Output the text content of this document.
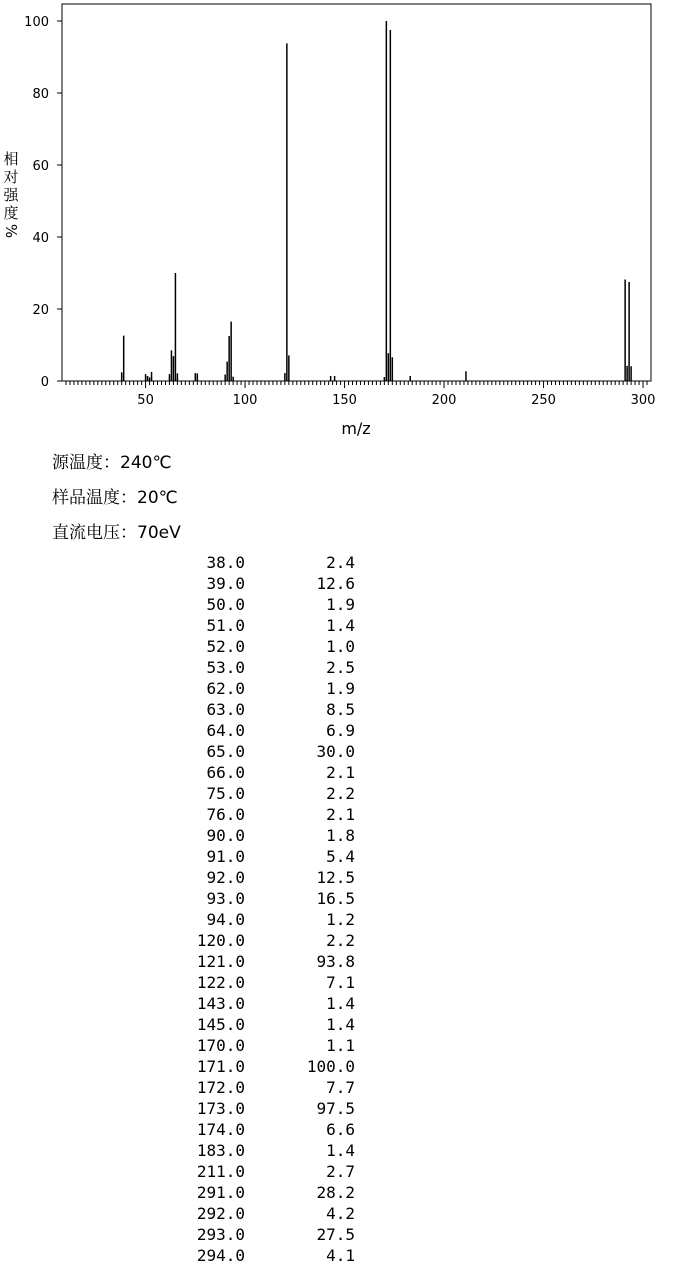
50	100	150	200	250	300
0
20
40
60
80
100
m/z
相
对
强
度
%
源温度：240℃
样品温度：20℃
直流电压：70eV
38.0	2.4
39.0	12.6
50.0	1.9
51.0	1.4
52.0	1.0
53.0	2.5
62.0	1.9
63.0	8.5
64.0	6.9
65.0	30.0
66.0	2.1
75.0	2.2
76.0	2.1
90.0	1.8
91.0	5.4
92.0	12.5
93.0	16.5
94.0	1.2
120.0	2.2
121.0	93.8
122.0	7.1
143.0	1.4
145.0	1.4
170.0	1.1
171.0	100.0
172.0	7.7
173.0	97.5
174.0	6.6
183.0	1.4
211.0	2.7
291.0	28.2
292.0	4.2
293.0	27.5
294.0	4.1
